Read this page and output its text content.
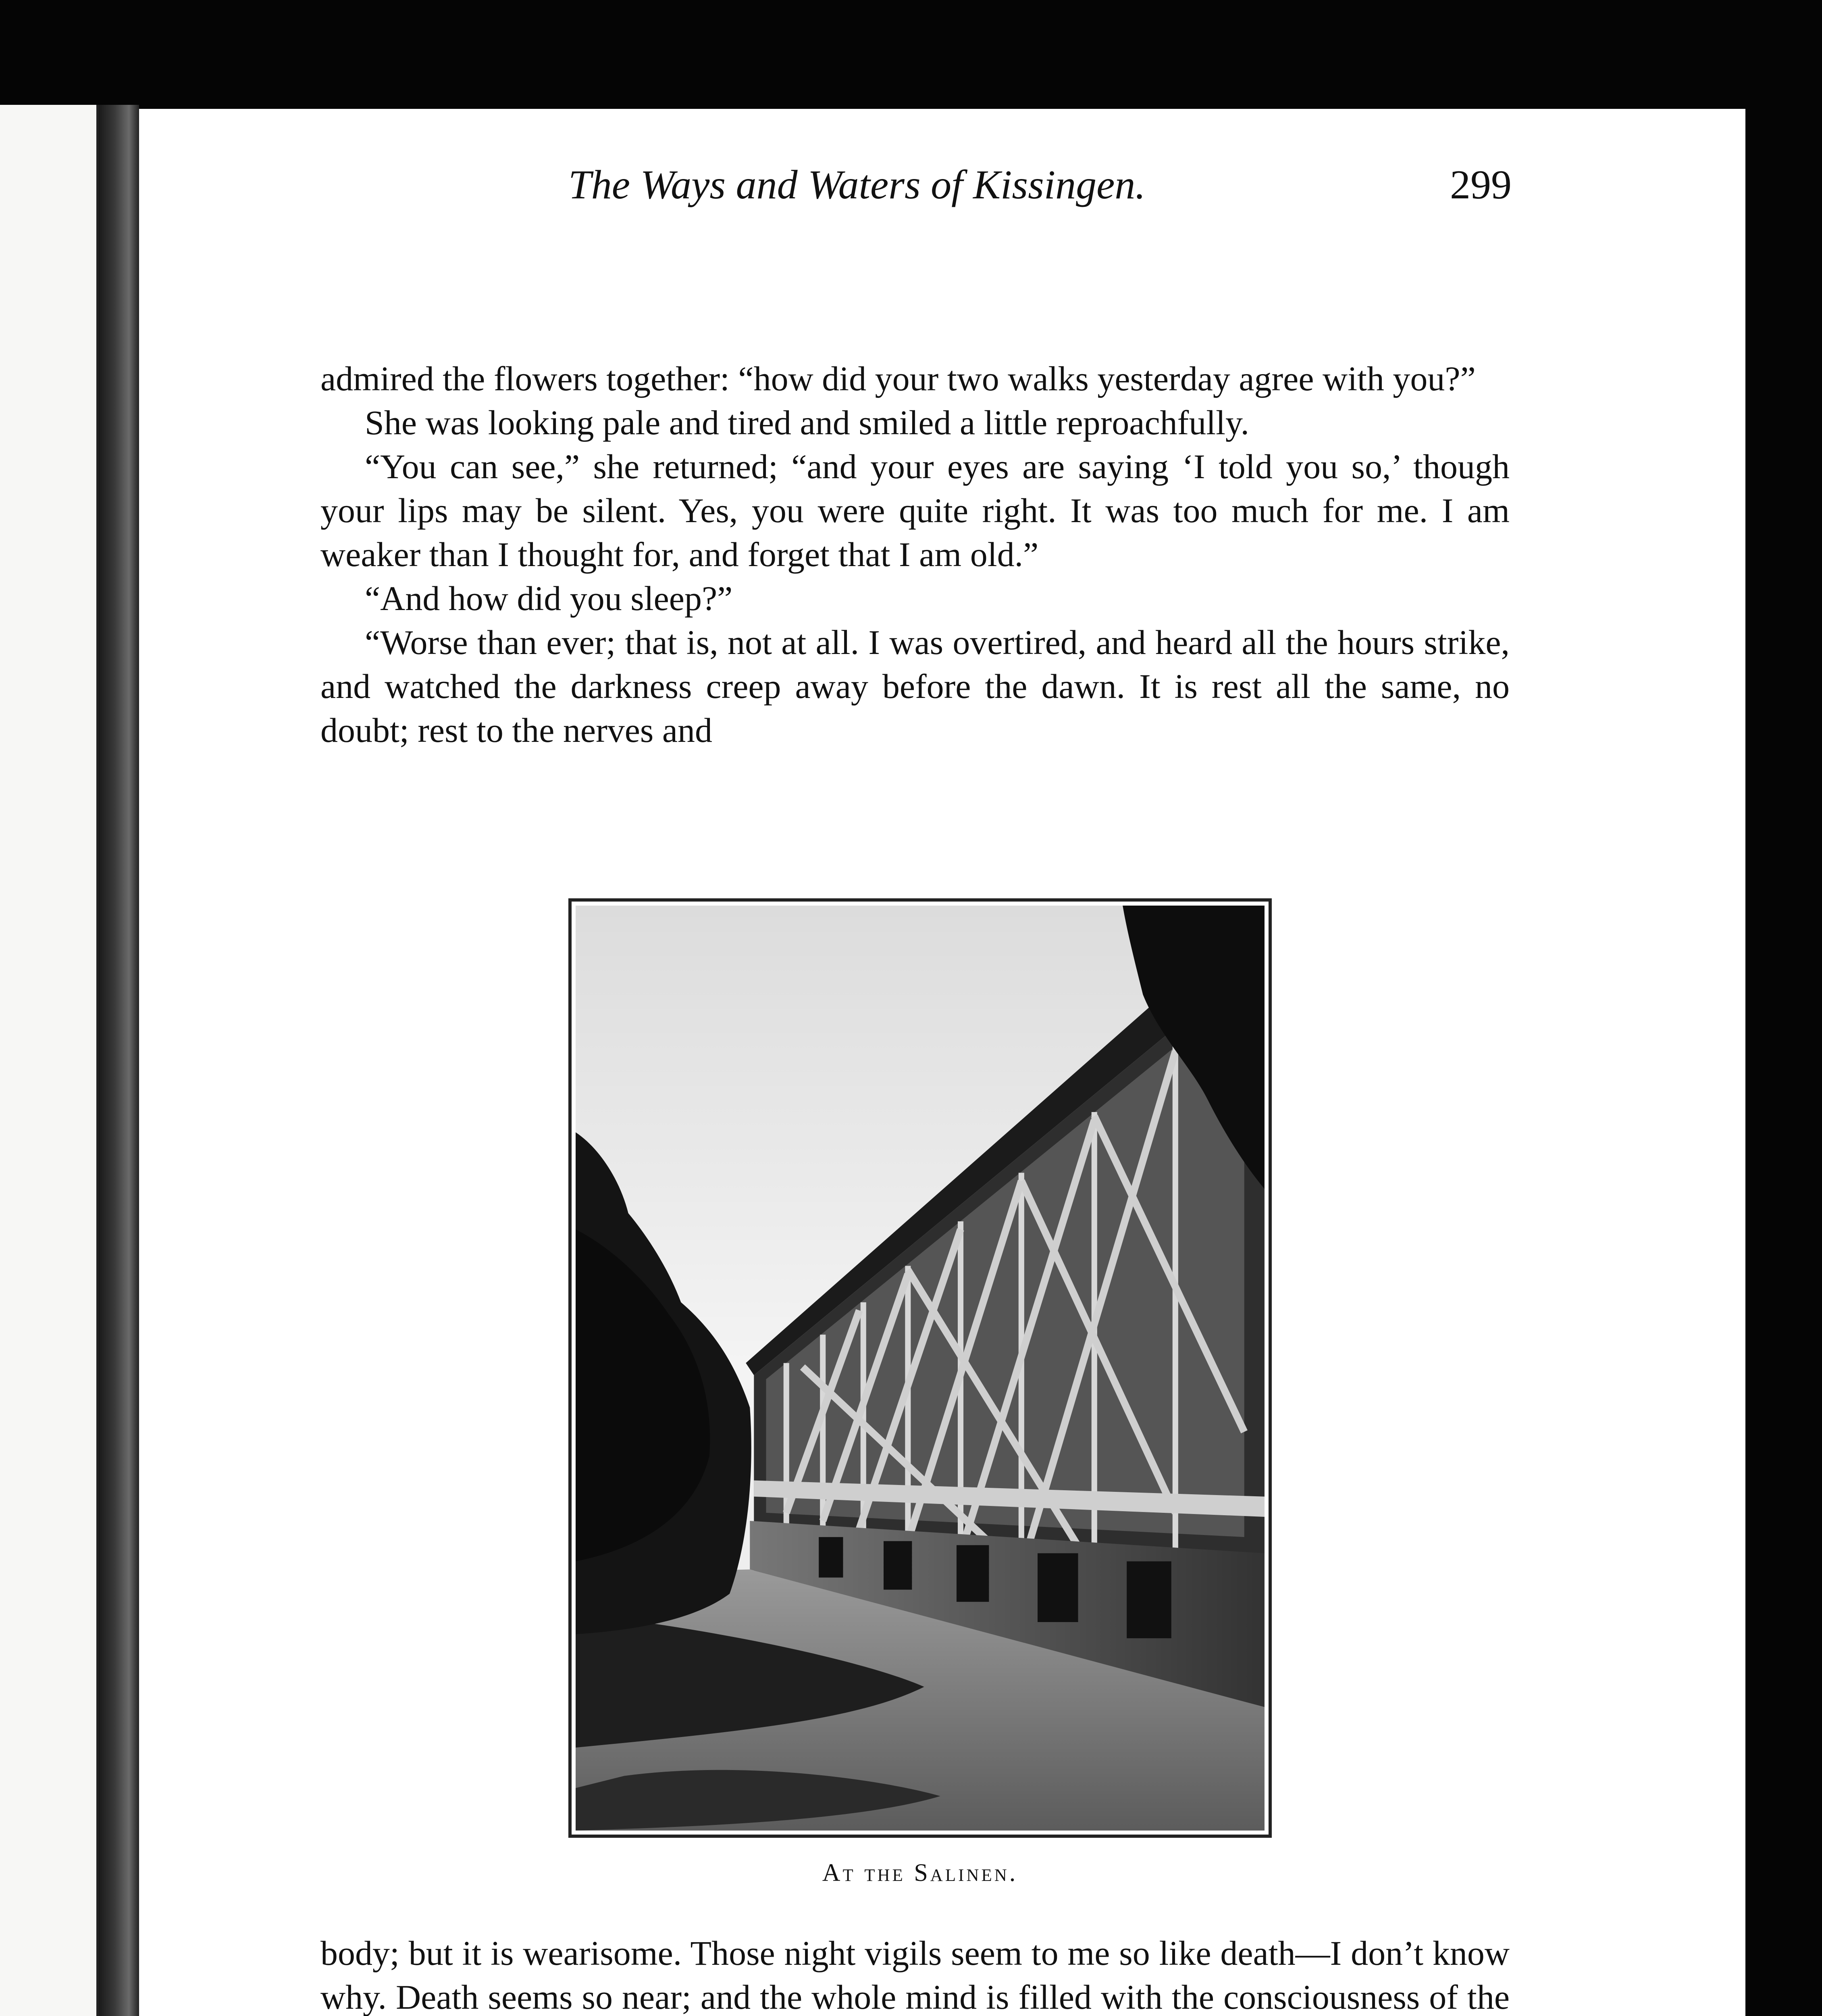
The Ways and Waters of Kissingen.	299

admired the flowers together: “how did your two walks yesterday agree with you?”

She was looking pale and tired and smiled a little reproachfully.

“You can see,” she returned; “and your eyes are saying ‘I told you so,’ though your lips may be silent. Yes, you were quite right. It was too much for me. I am weaker than I thought for, and forget that I am old.”

“And how did you sleep?”

“Worse than ever; that is, not at all. I was overtired, and heard all the hours strike, and watched the darkness creep away before the dawn. It is rest all the same, no doubt; rest to the nerves and

At the Salinen.

body; but it is wearisome. Those night vigils seem to me so like death—I don’t know why. Death seems so near; and the whole mind is filled with the consciousness of the
